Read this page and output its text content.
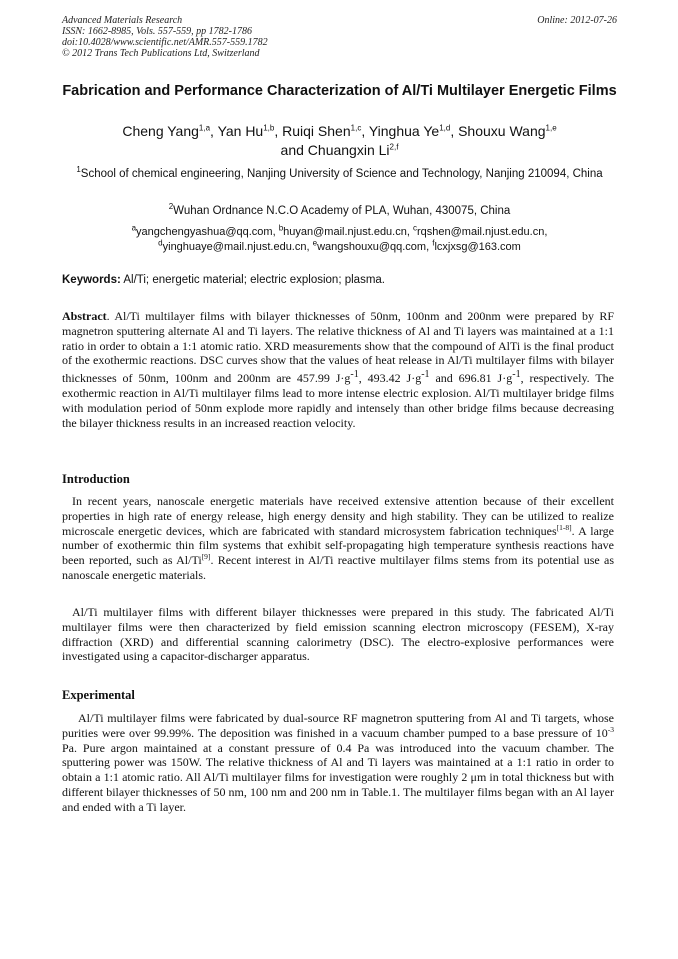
Advanced Materials Research
ISSN: 1662-8985, Vols. 557-559, pp 1782-1786
doi:10.4028/www.scientific.net/AMR.557-559.1782
© 2012 Trans Tech Publications Ltd, Switzerland
Online: 2012-07-26
Fabrication and Performance Characterization of Al/Ti Multilayer Energetic Films
Cheng Yang$^{1,a}$, Yan Hu$^{1,b}$, Ruiqi Shen$^{1,c}$, Yinghua Ye$^{1,d}$, Shouxu Wang$^{1,e}$
and Chuangxin Li$^{2,f}$
$^1$School of chemical engineering, Nanjing University of Science and Technology, Nanjing 210094, China
$^2$Wuhan Ordnance N.C.O Academy of PLA, Wuhan, 430075, China
$^a$yangchengyashua@qq.com, $^b$huyan@mail.njust.edu.cn, $^c$rqshen@mail.njust.edu.cn,
$^d$yinghuaye@mail.njust.edu.cn, $^e$wangshouxu@qq.com, $^f$lcxjxsg@163.com
Keywords: Al/Ti; energetic material; electric explosion; plasma.
Abstract. Al/Ti multilayer films with bilayer thicknesses of 50nm, 100nm and 200nm were prepared by RF magnetron sputtering alternate Al and Ti layers. The relative thickness of Al and Ti layers was maintained at a 1:1 ratio in order to obtain a 1:1 atomic ratio. XRD measurements show that the compound of AlTi is the final product of the exothermic reactions. DSC curves show that the values of heat release in Al/Ti multilayer films with bilayer thicknesses of 50nm, 100nm and 200nm are 457.99 $J\cdot g^{-1}$, 493.42 $J\cdot g^{-1}$ and 696.81 $J\cdot g^{-1}$, respectively. The exothermic reaction in Al/Ti multilayer films lead to more intense electric explosion. Al/Ti multilayer bridge films with modulation period of 50nm explode more rapidly and intensely than other bridge films because decreasing the bilayer thickness results in an increased reaction velocity.
Introduction
In recent years, nanoscale energetic materials have received extensive attention because of their excellent properties in high rate of energy release, high energy density and high stability. They can be utilized to realize microscale energetic devices, which are fabricated with standard microsystem fabrication techniques[1-8]. A large number of exothermic thin film systems that exhibit self-propagating high temperature synthesis reactions have been reported, such as Al/Ti[9]. Recent interest in Al/Ti reactive multilayer films stems from its potential use as nanoscale energetic materials.
Al/Ti multilayer films with different bilayer thicknesses were prepared in this study. The fabricated Al/Ti multilayer films were then characterized by field emission scanning electron microscopy (FESEM), X-ray diffraction (XRD) and differential scanning calorimetry (DSC). The electro-explosive performances were investigated using a capacitor-discharger apparatus.
Experimental
Al/Ti multilayer films were fabricated by dual-source RF magnetron sputtering from Al and Ti targets, whose purities were over 99.99%. The deposition was finished in a vacuum chamber pumped to a base pressure of $10^{-3}$ Pa. Pure argon maintained at a constant pressure of 0.4 Pa was introduced into the vacuum chamber. The sputtering power was 150W. The relative thickness of Al and Ti layers was maintained at a 1:1 ratio in order to obtain a 1:1 atomic ratio. All Al/Ti multilayer films for investigation were roughly 2 μm in total thickness but with different bilayer thicknesses of 50 nm, 100 nm and 200 nm in Table.1. The multilayer films began with an Al layer and ended with a Ti layer.
